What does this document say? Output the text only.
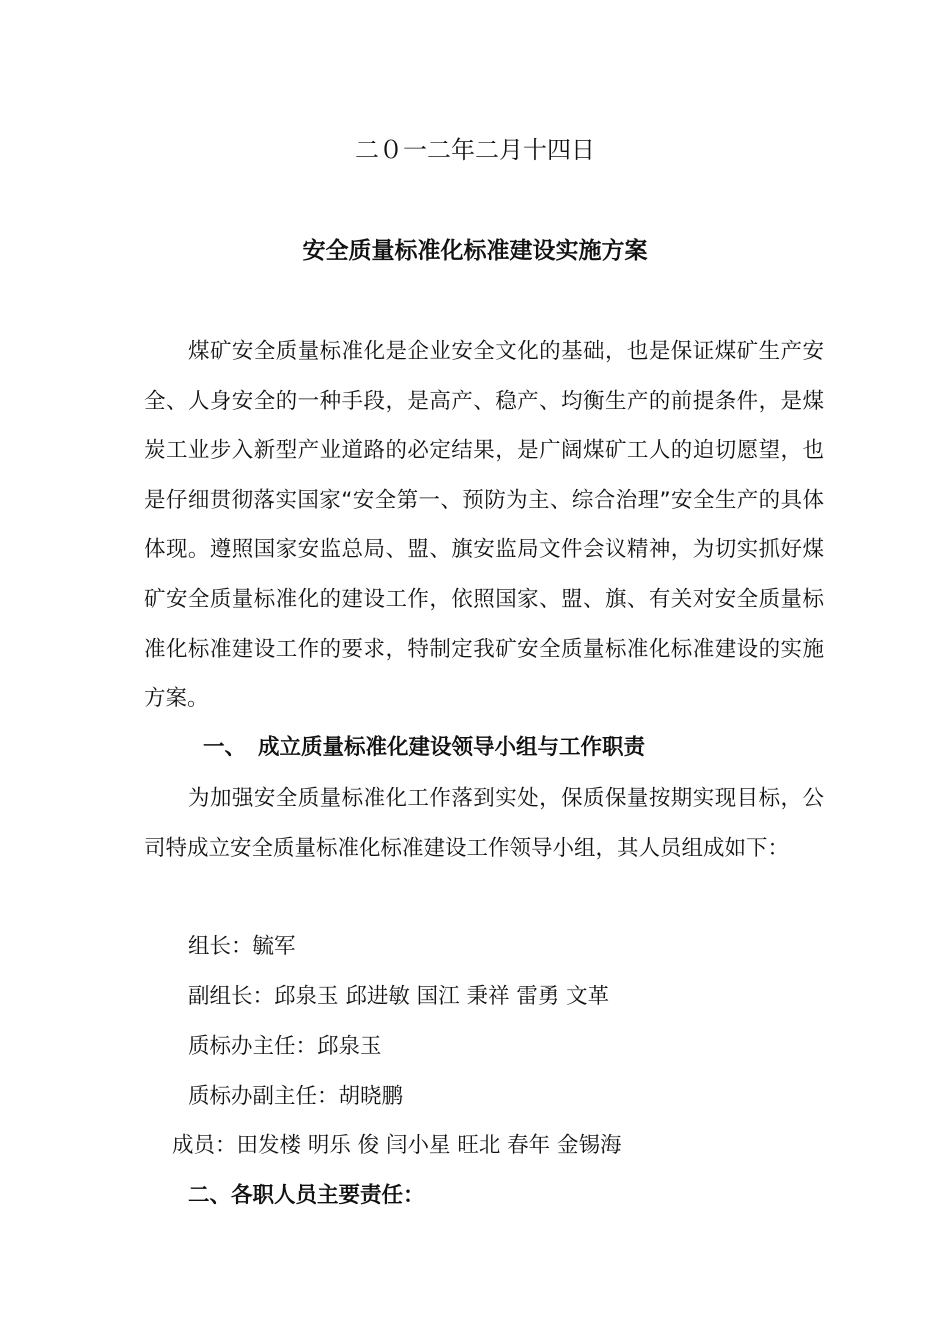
二０一二年二月十四日
安全质量标准化标准建设实施方案

煤矿安全质量标准化是企业安全文化的基础，也是保证煤矿生产安全、人身安全的一种手段，是高产、稳产、均衡生产的前提条件，是煤炭工业步入新型产业道路的必定结果，是广阔煤矿工人的迫切愿望，也是仔细贯彻落实国家“安全第一、预防为主、综合治理”安全生产的具体体现。遵照国家安监总局、盟、旗安监局文件会议精神，为切实抓好煤矿安全质量标准化的建设工作，依照国家、盟、旗、有关对安全质量标准化标准建设工作的要求，特制定我矿安全质量标准化标准建设的实施方案。

一、 成立质量标准化建设领导小组与工作职责

为加强安全质量标准化工作落到实处，保质保量按期实现目标，公司特成立安全质量标准化标准建设工作领导小组，其人员组成如下：

组长：毓军
副组长：邱泉玉 邱进敏 国江 秉祥 雷勇 文革
质标办主任：邱泉玉
质标办副主任：胡晓鹏
成员：田发楼 明乐 俊 闫小星 旺北 春年 金锡海
二、各职人员主要责任：
